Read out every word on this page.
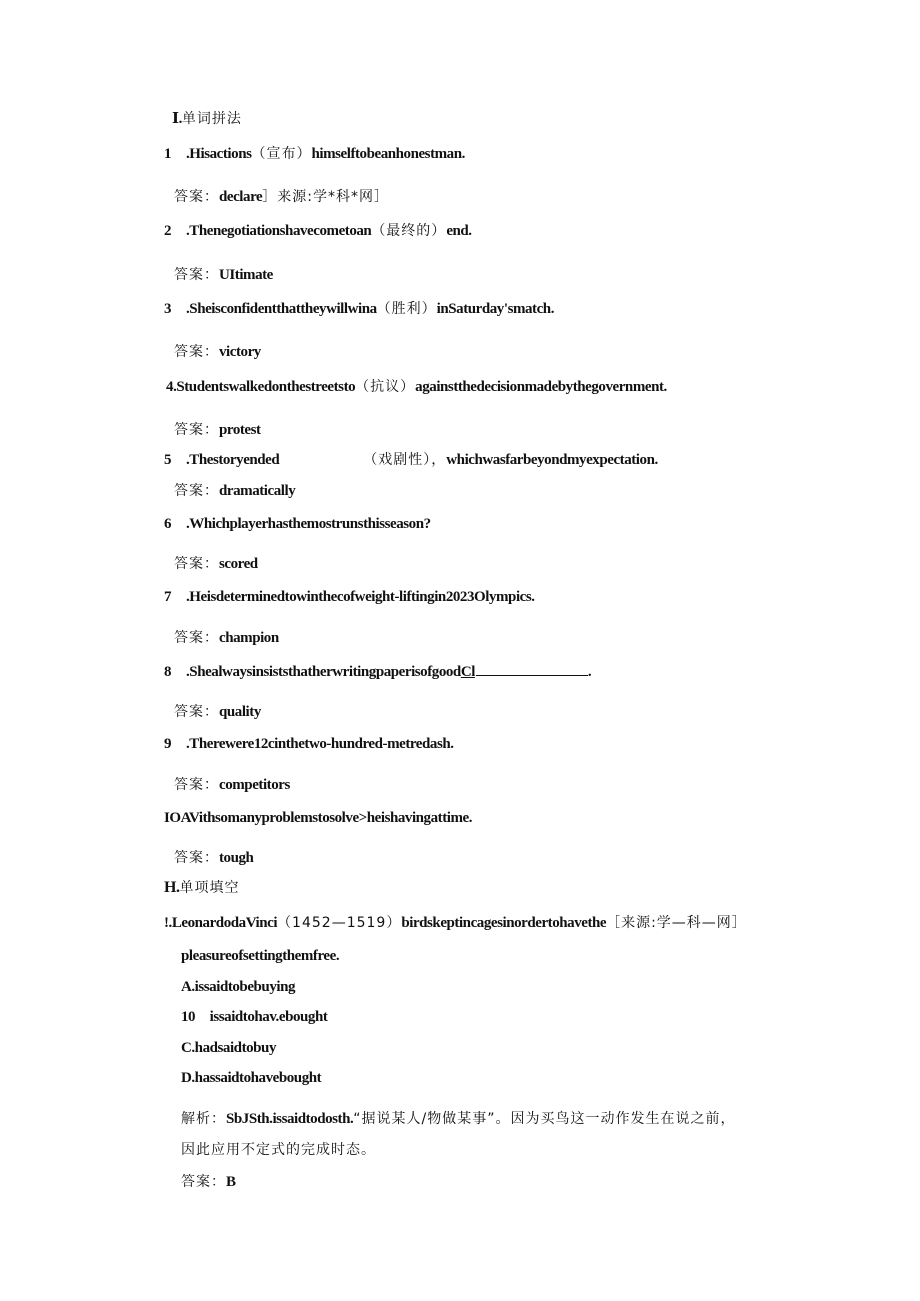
Ⅰ.单词拼法
1 .Hisactions（宣布）himselftobeanhonestman.
答案：declare］来源:学*科*网］
2 .Thenegotiationshavecometoan（最终的）end.
答案：UItimate
3 .Sheisconfidentthattheywillwina（胜利）inSaturday'smatch.
答案：victory
4.Studentswalkedonthestreetsto（抗议）againstthedecisionmadebythegovernment.
答案：protest
5 .Thestoryended	（戏剧性），whichwasfarbeyondmyexpectation.
答案：dramatically
6 .Whichplayerhasthemostrunsthisseason?
答案：scored
7 .Heisdeterminedtowinthecofweight-liftingin2023Olympics.
答案：champion
8 .ShealwaysinsiststhatherwritingpaperisofgoodCl	.
答案：quality
9 .Therewere12cinthetwo-hundred-metredash.
答案：competitors
IOAVithsomanyproblemstosolve>heishavingattime.
答案：tough
H.单项填空
!.LeonardodaVinci（1452—1519）birdskeptincagesinordertohavethe［来源:学—科—网］
pleasureofsettingthemfree.
A.issaidtobebuying
10　issaidtohav.ebought
C.hadsaidtobuy
D.hassaidtohavebought
解析：SbJSth.issaidtodosth.“据说某人/物做某事”。因为买鸟这一动作发生在说之前，
因此应用不定式的完成时态。
答案：B
